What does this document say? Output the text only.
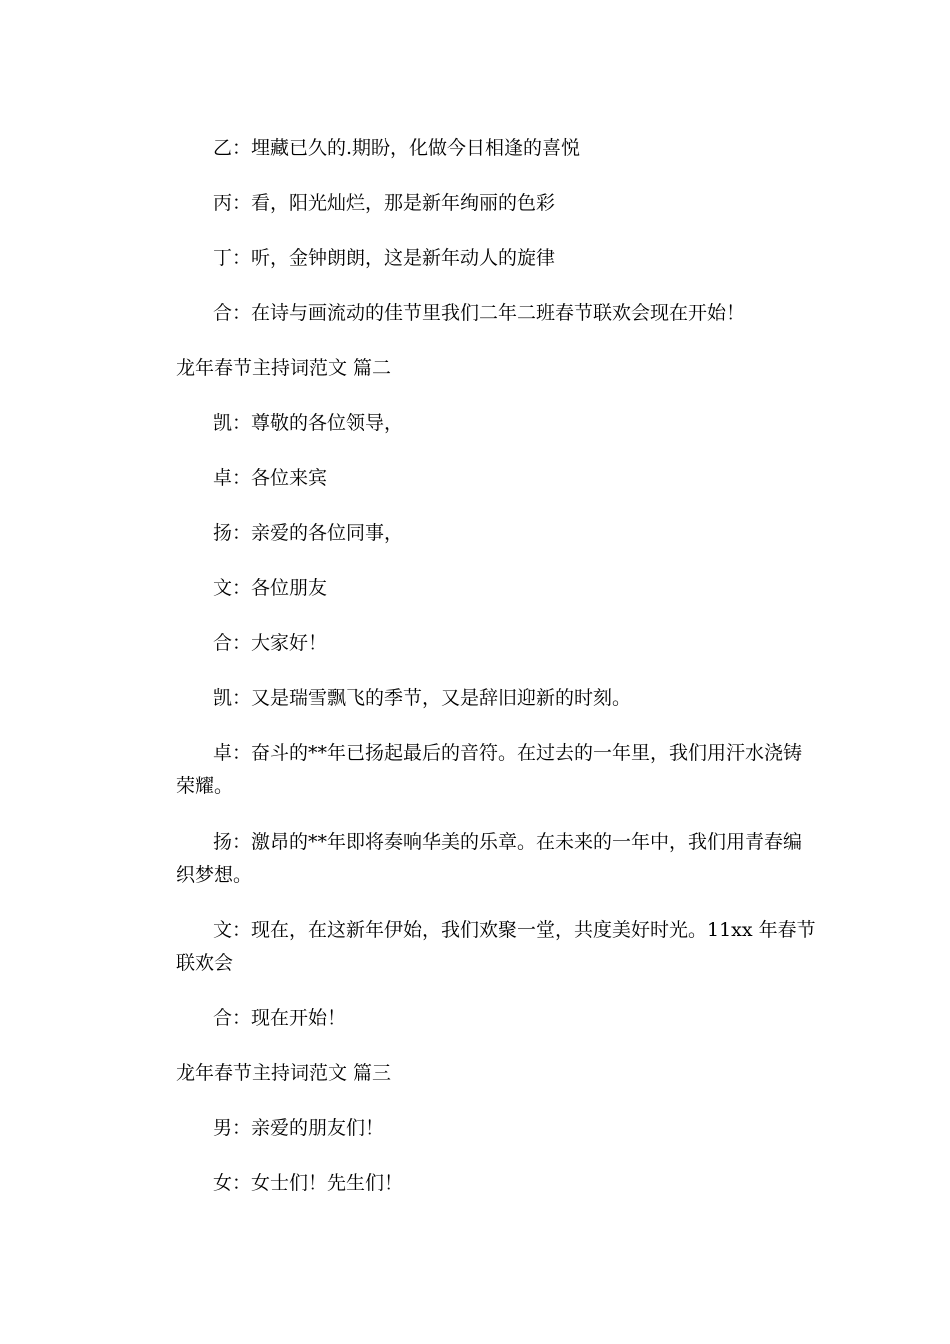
乙：埋藏已久的.期盼，化做今日相逢的喜悦

丙：看，阳光灿烂，那是新年绚丽的色彩

丁：听，金钟朗朗，这是新年动人的旋律

合：在诗与画流动的佳节里我们二年二班春节联欢会现在开始！

龙年春节主持词范文 篇二

凯：尊敬的各位领导，

卓：各位来宾

扬：亲爱的各位同事，

文：各位朋友

合：大家好！

凯：又是瑞雪飘飞的季节，又是辞旧迎新的时刻。

卓：奋斗的**年已扬起最后的音符。在过去的一年里，我们用汗水浇铸荣耀。

扬：激昂的**年即将奏响华美的乐章。在未来的一年中，我们用青春编织梦想。

文：现在，在这新年伊始，我们欢聚一堂，共度美好时光。11xx 年春节联欢会

合：现在开始！

龙年春节主持词范文 篇三

男：亲爱的朋友们！

女：女士们！先生们！
